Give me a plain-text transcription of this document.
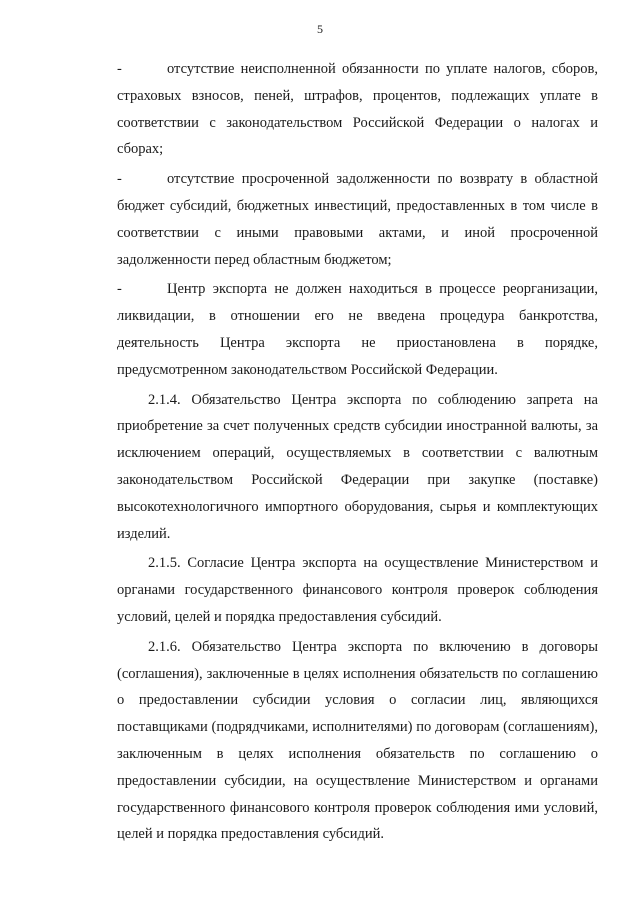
5

-	отсутствие неисполненной обязанности по уплате налогов, сборов, страховых взносов, пеней, штрафов, процентов, подлежащих уплате в соответствии с законодательством Российской Федерации о налогах и сборах;

-	отсутствие просроченной задолженности по возврату в областной бюджет субсидий, бюджетных инвестиций, предоставленных в том числе в соответствии с иными правовыми актами, и иной просроченной задолженности перед областным бюджетом;

-	Центр экспорта не должен находиться в процессе реорганизации, ликвидации, в отношении его не введена процедура банкротства, деятельность Центра экспорта не приостановлена в порядке, предусмотренном законодательством Российской Федерации.

2.1.4. Обязательство Центра экспорта по соблюдению запрета на приобретение за счет полученных средств субсидии иностранной валюты, за исключением операций, осуществляемых в соответствии с валютным законодательством Российской Федерации при закупке (поставке) высокотехнологичного импортного оборудования, сырья и комплектующих изделий.

2.1.5. Согласие Центра экспорта на осуществление Министерством и органами государственного финансового контроля проверок соблюдения условий, целей и порядка предоставления субсидий.

2.1.6. Обязательство Центра экспорта по включению в договоры (соглашения), заключенные в целях исполнения обязательств по соглашению о предоставлении субсидии условия о согласии лиц, являющихся поставщиками (подрядчиками, исполнителями) по договорам (соглашениям), заключенным в целях исполнения обязательств по соглашению о предоставлении субсидии, на осуществление Министерством и органами государственного финансового контроля проверок соблюдения ими условий, целей и порядка предоставления субсидий.
